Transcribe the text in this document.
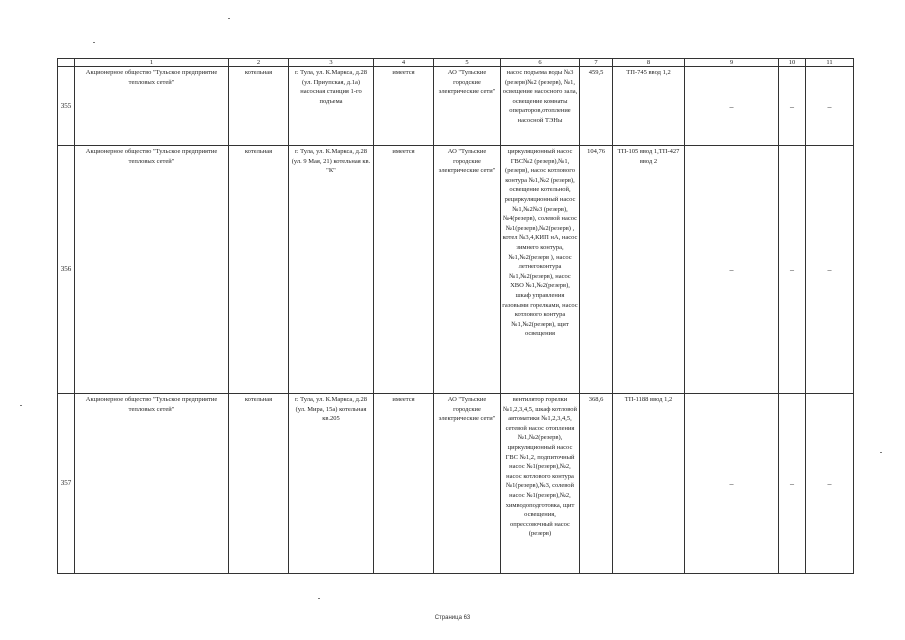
	1	2	3	4	5	6	7	8	9	10	11
355	Акционерное общество "Тульское предприятие тепловых сетей"	котельная	г. Тула, ул. К.Маркса, д.28 (ул. Приупская, д.1а) насосная станция 1-го подъема	имеется	АО "Тульские городские электрические сети"	насос подъема воды №3 (резерв)№2 (резерв), №1, освещение насосного зала, освещение комнаты операторов,отопление насосной ТЭНы	459,5	ТП-745 ввод 1,2	–	–	–
356	Акционерное общество "Тульское предприятие тепловых сетей"	котельная	г. Тула, ул. К.Маркса, д.28 (ул. 9 Мая, 21) котельная кв. "К"	имеется	АО "Тульские городские электрические сети"	циркуляционный насос ГВС№2 (резерв),№1, (резерв), насос котлового контура №1,№2 (резерв), освещение котельной, рециркуляционный насос №1,№2№3 (резерв),№4(резерв), солевой насос №1(резерв),№2(резерв) , котел №3,4,КИП нА, насос зимнего контура,№1,№2(резерв ), насос летнегоконтура №1,№2(резерв), насос ХВО №1,№2(резерв), шкаф управления газовыми горелками, насос котлового контура №1,№2(резерв), щит освещения	104,76	ТП-105 ввод 1,ТП-427 ввод 2	–	–	–
357	Акционерное общество "Тульское предприятие тепловых сетей"	котельная	г. Тула, ул. К.Маркса, д.28 (ул. Мира, 15а) котельная кв.205	имеется	АО "Тульские городские электрические сети"	вентилятор горелки №1,2,3,4,5, шкаф котловой автоматики №1,2,3,4,5, сетевой насос отопления №1,№2(резерв), циркуляционный насос ГВС №1,2, подпиточный насос №1(резерв),№2, насос котлового контура №1(резерв),№3, солевой насос №1(резерв),№2, химводоподготовка, щит освещения, опрессовочный насос (резерв)	368,6	ТП-1188 ввод 1,2	–	–	–
Страница 63
